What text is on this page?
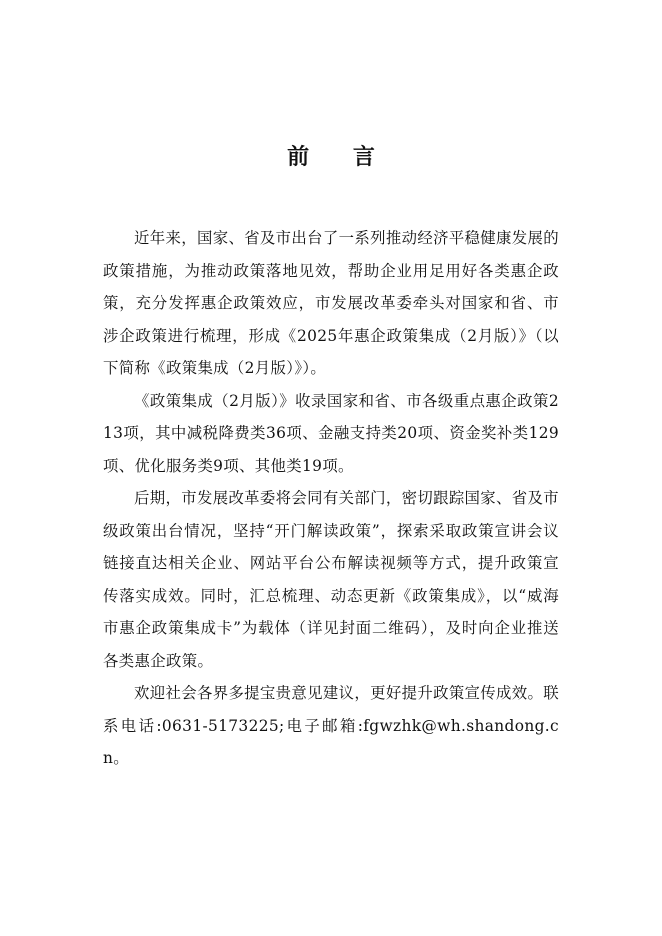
前 言

近年来，国家、省及市出台了一系列推动经济平稳健康发展的政策措施，为推动政策落地见效，帮助企业用足用好各类惠企政策，充分发挥惠企政策效应，市发展改革委牵头对国家和省、市涉企政策进行梳理，形成《2025年惠企政策集成（2月版）》（以下简称《政策集成（2月版）》）。

《政策集成（2月版）》收录国家和省、市各级重点惠企政策213项，其中减税降费类36项、金融支持类20项、资金奖补类129项、优化服务类9项、其他类19项。

后期，市发展改革委将会同有关部门，密切跟踪国家、省及市级政策出台情况，坚持“开门解读政策”，探索采取政策宣讲会议链接直达相关企业、网站平台公布解读视频等方式，提升政策宣传落实成效。同时，汇总梳理、动态更新《政策集成》，以“威海市惠企政策集成卡”为载体（详见封面二维码），及时向企业推送各类惠企政策。

欢迎社会各界多提宝贵意见建议，更好提升政策宣传成效。联系电话:0631-5173225;电子邮箱:fgwzhk@wh.shandong.cn。
